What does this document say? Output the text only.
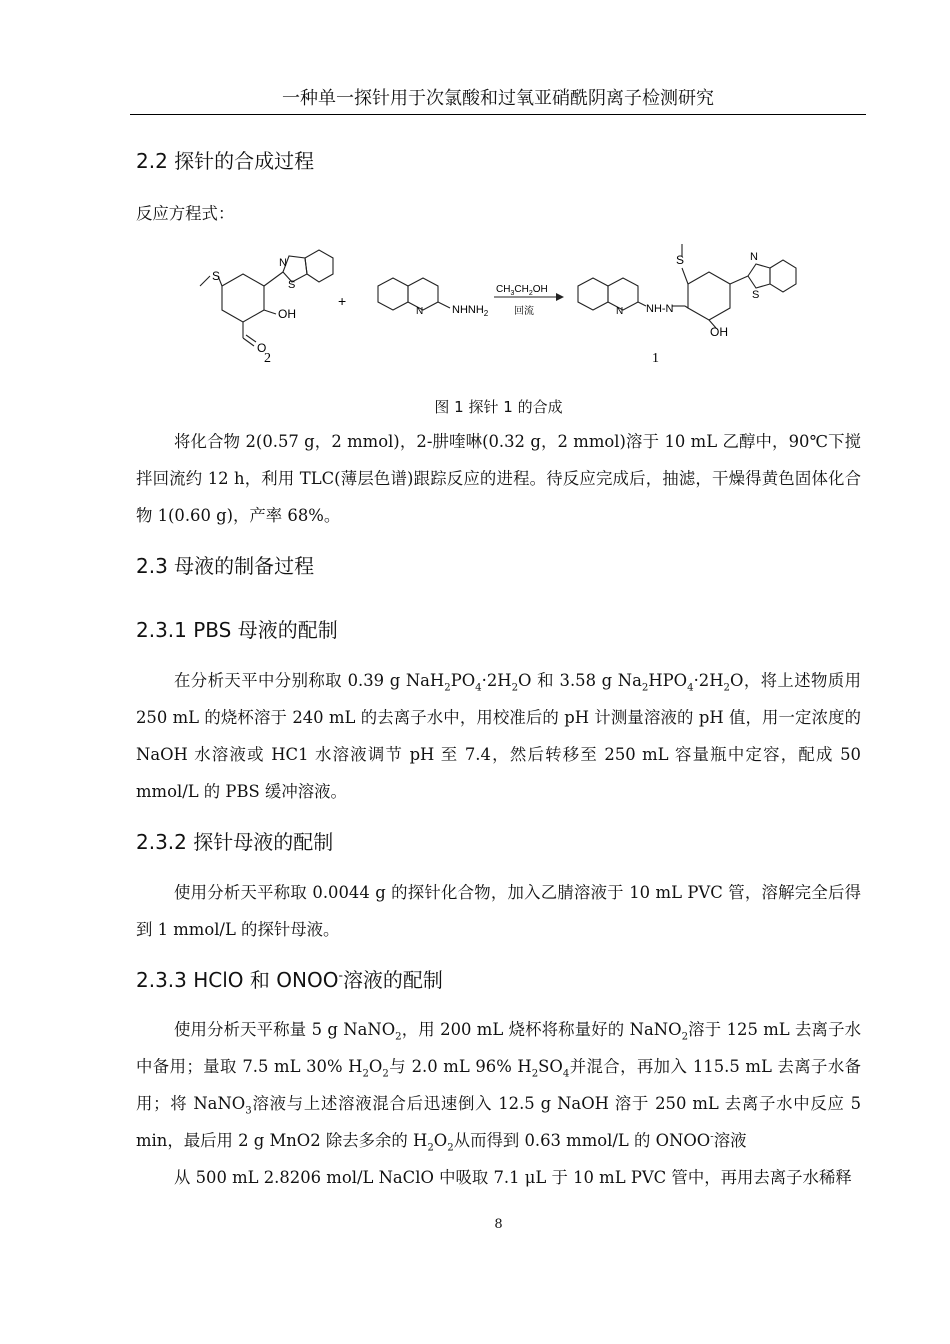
一种单一探针用于次氯酸和过氧亚硝酰阴离子检测研究
2.2 探针的合成过程
反应方程式：
S
N
S
OH
O
2
+
N	$NHNH_2$
$CH_3CH_2OH$
回流
S
N NH-N
N
S
OH
1
图 1 探针 1 的合成
将化合物 2(0.57 g，2 mmol)，2-肼喹啉(0.32 g，2 mmol)溶于 10 mL 乙醇中，90℃下搅拌回流约 12 h，利用 TLC(薄层色谱)跟踪反应的进程。待反应完成后，抽滤，干燥得黄色固体化合物 1(0.60 g)，产率 68%。
2.3 母液的制备过程
2.3.1 PBS 母液的配制
在分析天平中分别称取 0.39 g $NaH_2PO_4\cdot 2H_2O$ 和 3.58 g $Na_2HPO_4\cdot 2H_2O$，将上述物质用 250 mL 的烧杯溶于 240 mL 的去离子水中，用校准后的 pH 计测量溶液的 pH 值，用一定浓度的 NaOH 水溶液或 HC1 水溶液调节 pH 至 7.4，然后转移至 250 mL 容量瓶中定容，配成 50 mmol/L 的 PBS 缓冲溶液。
2.3.2 探针母液的配制
使用分析天平称取 0.0044 g 的探针化合物，加入乙腈溶液于 10 mL PVC 管，溶解完全后得到 1 mmol/L 的探针母液。
2.3.3 HClO 和 ONOO-溶液的配制
使用分析天平称量 5 g NaNO$_2$，用 200 mL 烧杯将称量好的 NaNO$_2$溶于 125 mL 去离子水中备用；量取 7.5 mL 30% $H_2O_2$与 2.0 mL 96% $H_2SO_4$并混合，再加入 115.5 mL 去离子水备用；将 NaNO$_3$溶液与上述溶液混合后迅速倒入 12.5 g NaOH 溶于 250 mL 去离子水中反应 5 min，最后用 2 g MnO2 除去多余的 $H_2O_2$从而得到 0.63 mmol/L 的 ONOO-溶液
从 500 mL 2.8206 mol/L NaClO 中吸取 7.1 μL 于 10 mL PVC 管中，再用去离子水稀释
8
